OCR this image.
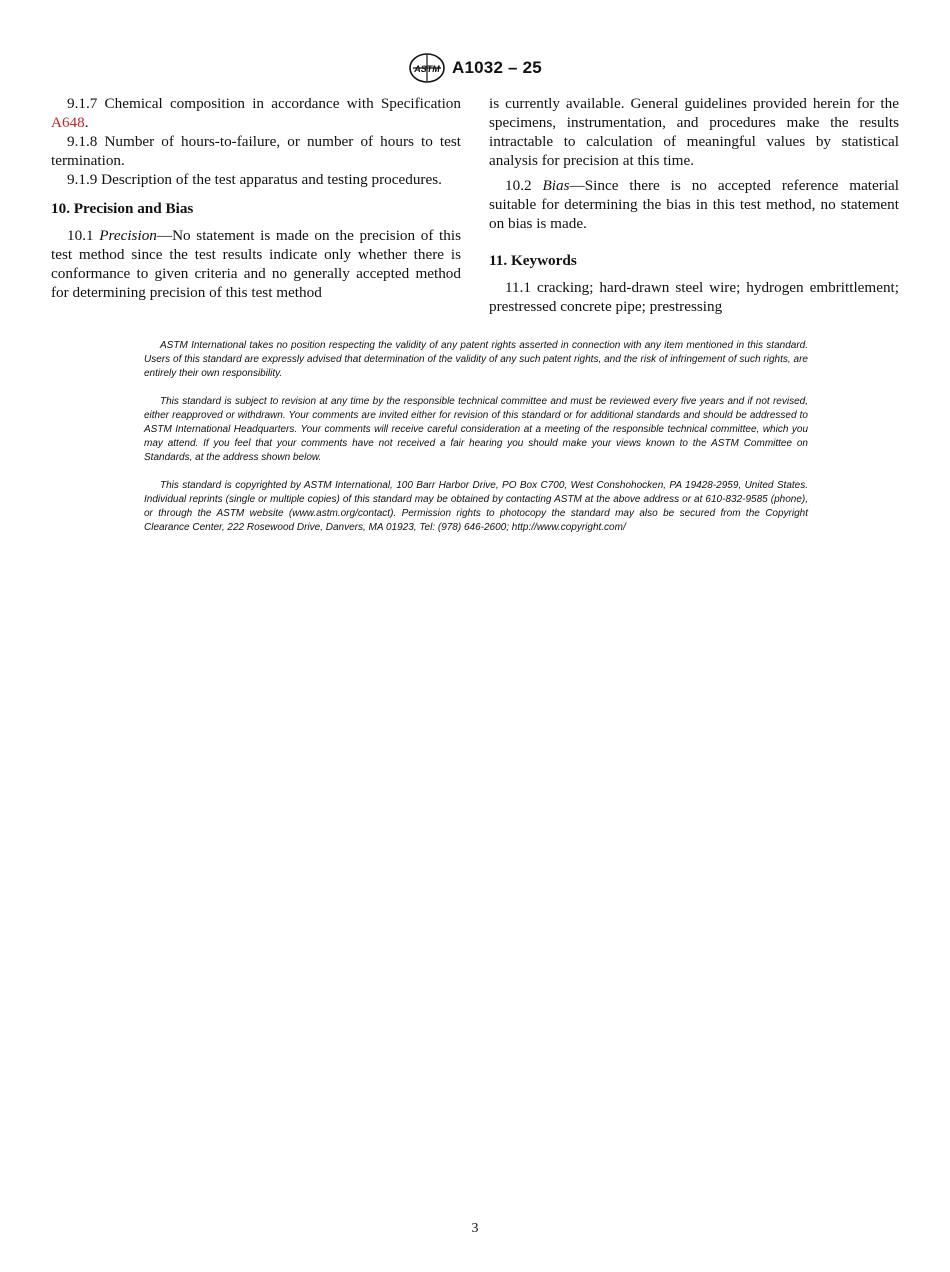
ASTM A1032 – 25

9.1.7 Chemical composition in accordance with Specification A648.

9.1.8 Number of hours-to-failure, or number of hours to test termination.

9.1.9 Description of the test apparatus and testing procedures.

10. Precision and Bias

10.1 Precision—No statement is made on the precision of this test method since the test results indicate only whether there is conformance to given criteria and no generally accepted method for determining precision of this test method

is currently available. General guidelines provided herein for the specimens, instrumentation, and procedures make the results intractable to calculation of meaningful values by statistical analysis for precision at this time.

10.2 Bias—Since there is no accepted reference material suitable for determining the bias in this test method, no statement on bias is made.

11. Keywords

11.1 cracking; hard-drawn steel wire; hydrogen embrittlement; prestressed concrete pipe; prestressing

ASTM International takes no position respecting the validity of any patent rights asserted in connection with any item mentioned in this standard. Users of this standard are expressly advised that determination of the validity of any such patent rights, and the risk of infringement of such rights, are entirely their own responsibility.

This standard is subject to revision at any time by the responsible technical committee and must be reviewed every five years and if not revised, either reapproved or withdrawn. Your comments are invited either for revision of this standard or for additional standards and should be addressed to ASTM International Headquarters. Your comments will receive careful consideration at a meeting of the responsible technical committee, which you may attend. If you feel that your comments have not received a fair hearing you should make your views known to the ASTM Committee on Standards, at the address shown below.

This standard is copyrighted by ASTM International, 100 Barr Harbor Drive, PO Box C700, West Conshohocken, PA 19428-2959, United States. Individual reprints (single or multiple copies) of this standard may be obtained by contacting ASTM at the above address or at 610-832-9585 (phone), or through the ASTM website (www.astm.org/contact). Permission rights to photocopy the standard may also be secured from the Copyright Clearance Center, 222 Rosewood Drive, Danvers, MA 01923, Tel: (978) 646-2600; http://www.copyright.com/

3
